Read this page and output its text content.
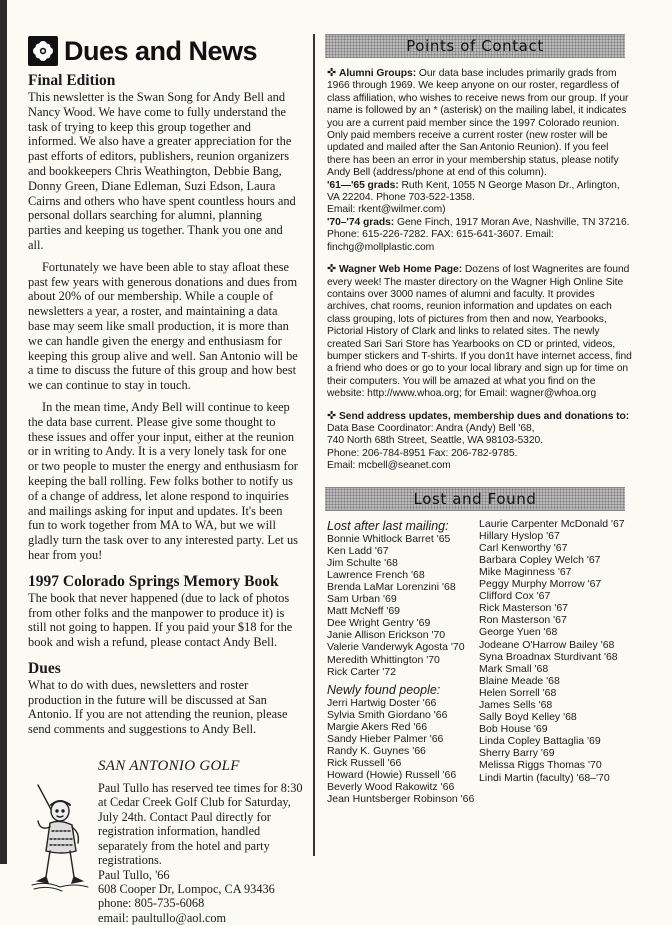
Dues and News
Final Edition

This newsletter is the Swan Song for Andy Bell and Nancy Wood. We have come to fully understand the task of trying to keep this group together and informed. We also have a greater appreciation for the past efforts of editors, publishers, reunion organizers and bookkeepers Chris Weathington, Debbie Bang, Donny Green, Diane Edleman, Suzi Edson, Laura Cairns and others who have spent countless hours and personal dollars searching for alumni, planning parties and keeping us together. Thank you one and all.

Fortunately we have been able to stay afloat these past few years with generous donations and dues from about 20% of our membership. While a couple of newsletters a year, a roster, and maintaining a data base may seem like small production, it is more than we can handle given the energy and enthusiasm for keeping this group alive and well. San Antonio will be a time to discuss the future of this group and how best we can continue to stay in touch.

In the mean time, Andy Bell will continue to keep the data base current. Please give some thought to these issues and offer your input, either at the reunion or in writing to Andy. It is a very lonely task for one or two people to muster the energy and enthusiasm for keeping the ball rolling. Few folks bother to notify us of a change of address, let alone respond to inquiries and mailings asking for input and updates. It's been fun to work together from MA to WA, but we will gladly turn the task over to any interested party. Let us hear from you!

1997 Colorado Springs Memory Book

The book that never happened (due to lack of photos from other folks and the manpower to produce it) is still not going to happen. If you paid your $18 for the book and wish a refund, please contact Andy Bell.

Dues

What to do with dues, newsletters and roster production in the future will be discussed at San Antonio. If you are not attending the reunion, please send comments and suggestions to Andy Bell.

SAN ANTONIO GOLF

Paul Tullo has reserved tee times for 8:30 at Cedar Creek Golf Club for Saturday, July 24th. Contact Paul directly for registration information, handled separately from the hotel and party registrations.

Paul Tullo, '66

608 Cooper Dr, Lompoc, CA 93436

phone: 805-735-6068

email: paultullo@aol.com

Points of Contact

✜ Alumni Groups: Our data base includes primarily grads from 1966 through 1969. We keep anyone on our roster, regardless of class affiliation, who wishes to receive news from our group. If your name is followed by an * (asterisk) on the mailing label, it indicates you are a current paid member since the 1997 Colorado reunion. Only paid members receive a current roster (new roster will be updated and mailed after the San Antonio Reunion). If you feel there has been an error in your membership status, please notify Andy Bell (address/phone at end of this column).

'61—'65 grads: Ruth Kent, 1055 N George Mason Dr., Arlington, VA 22204. Phone 703-522-1358.

Email: rkent@wilmer.com)

'70–'74 grads: Gene Finch, 1917 Moran Ave, Nashville, TN 37216. Phone: 615-226-7282. FAX: 615-641-3607. Email: finchg@mollplastic.com

✜ Wagner Web Home Page: Dozens of lost Wagnerites are found every week! The master directory on the Wagner High Online Site contains over 3000 names of alumni and faculty. It provides archives, chat rooms, reunion information and updates on each class grouping, lots of pictures from then and now, Yearbooks, Pictorial History of Clark and links to related sites. The newly created Sari Sari Store has Yearbooks on CD or printed, videos, bumper stickers and T-shirts. If you don1t have internet access, find a friend who does or go to your local library and sign up for time on their computers. You will be amazed at what you find on the website: http://www.whoa.org; for Email: wagner@whoa.org

✜ Send address updates, membership dues and donations to:

Data Base Coordinator: Andra (Andy) Bell '68,

740 North 68th Street, Seattle, WA 98103-5320.

Phone: 206-784-8951 Fax: 206-782-9785.

Email: mcbell@seanet.com

Lost and Found
Lost after last mailing:
Bonnie Whitlock Barret '65
Ken Ladd '67
Jim Schulte '68
Lawrence French '68
Brenda LaMar Lorenzini '68
Sam Urban '69
Matt McNeff '69
Dee Wright Gentry '69
Janie Allison Erickson '70
Valerie Vanderwyk Agosta '70
Meredith Whittington '70
Rick Carter '72
Newly found people:
Jerri Hartwig Doster '66
Sylvia Smith Giordano '66
Margie Akers Red '66
Sandy Hieber Palmer '66
Randy K. Guynes '66
Rick Russell '66
Howard (Howie) Russell '66
Beverly Wood Rakowitz '66
Jean Huntsberger Robinson '66
Laurie Carpenter McDonald '67
Hillary Hyslop '67
Carl Kenworthy '67
Barbara Copley Welch '67
Mike Maginness '67
Peggy Murphy Morrow '67
Clifford Cox '67
Rick Masterson '67
Ron Masterson '67
George Yuen '68
Jodeane O'Harrow Bailey '68
Syna Broadnax Sturdivant '68
Mark Small '68
Blaine Meade '68
Helen Sorrell '68
James Sells '68
Sally Boyd Kelley '68
Bob House '69
Linda Copley Battaglia '69
Sherry Barry '69
Melissa Riggs Thomas '70
Lindi Martin (faculty) '68–'70
